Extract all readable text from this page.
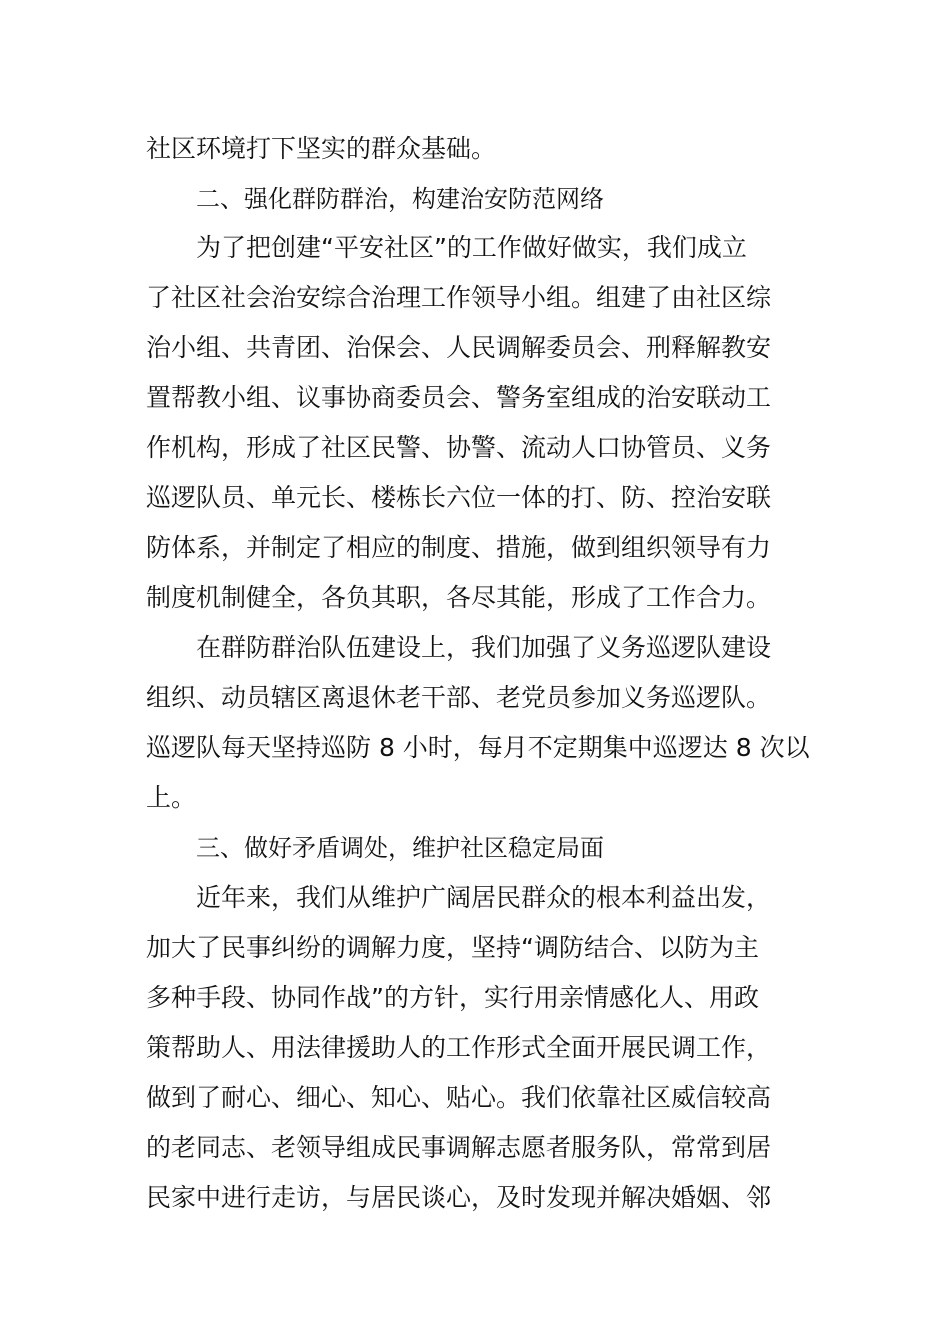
社区环境打下坚实的群众基础。
二、强化群防群治，构建治安防范网络
为了把创建“平安社区”的工作做好做实，我们成立
了社区社会治安综合治理工作领导小组。组建了由社区综
治小组、共青团、治保会、人民调解委员会、刑释解教安
置帮教小组、议事协商委员会、警务室组成的治安联动工
作机构，形成了社区民警、协警、流动人口协管员、义务
巡逻队员、单元长、楼栋长六位一体的打、防、控治安联
防体系，并制定了相应的制度、措施，做到组织领导有力
制度机制健全，各负其职，各尽其能，形成了工作合力。
在群防群治队伍建设上，我们加强了义务巡逻队建设
组织、动员辖区离退休老干部、老党员参加义务巡逻队。
巡逻队每天坚持巡防 8 小时，每月不定期集中巡逻达 8 次以
上。
三、做好矛盾调处，维护社区稳定局面
近年来，我们从维护广阔居民群众的根本利益出发，
加大了民事纠纷的调解力度，坚持“调防结合、以防为主
多种手段、协同作战”的方针，实行用亲情感化人、用政
策帮助人、用法律援助人的工作形式全面开展民调工作，
做到了耐心、细心、知心、贴心。我们依靠社区威信较高
的老同志、老领导组成民事调解志愿者服务队，常常到居
民家中进行走访，与居民谈心，及时发现并解决婚姻、邻
